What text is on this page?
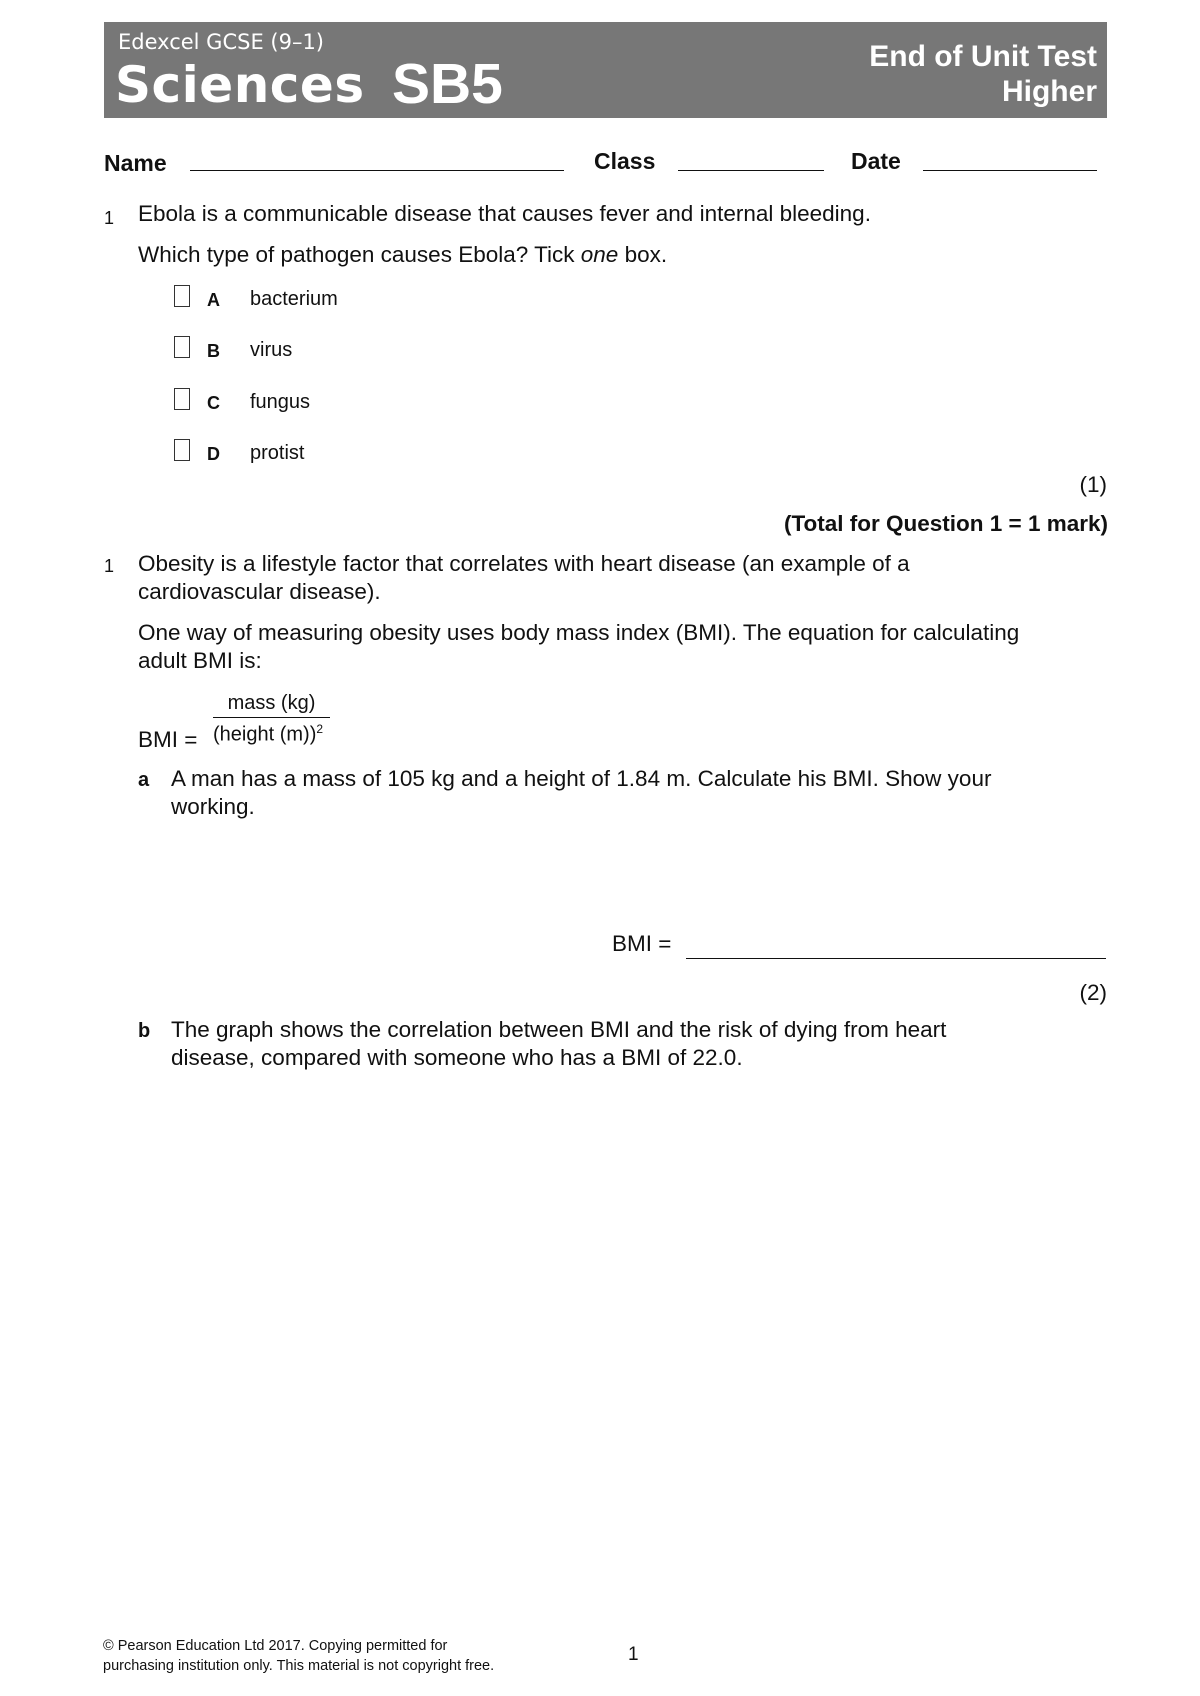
Edexcel GCSE (9–1)
Sciences SB5	End of Unit Test
Higher
Name	Class	Date
1 Ebola is a communicable disease that causes fever and internal bleeding.
Which type of pathogen causes Ebola? Tick one box.
A bacterium
B virus
C fungus
D protist
(1)
(Total for Question 1 = 1 mark)
1 Obesity is a lifestyle factor that correlates with heart disease (an example of a
cardiovascular disease).
One way of measuring obesity uses body mass index (BMI). The equation for calculating
adult BMI is:
mass (kg)
(height (m))$^2$
BMI =
a A man has a mass of 105 kg and a height of 1.84 m. Calculate his BMI. Show your
working.
BMI =
(2)
b The graph shows the correlation between BMI and the risk of dying from heart
disease, compared with someone who has a BMI of 22.0.
© Pearson Education Ltd 2017. Copying permitted for
purchasing institution only. This material is not copyright free.
1
